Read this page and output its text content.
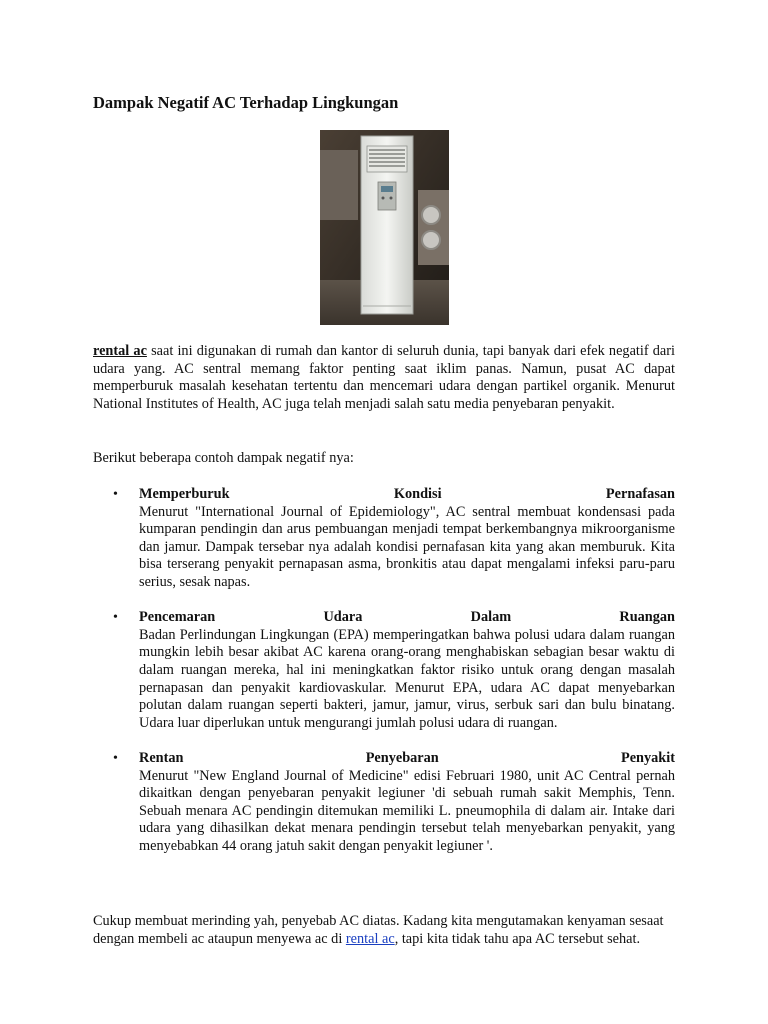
Dampak Negatif AC Terhadap Lingkungan

rental ac saat ini digunakan di rumah dan kantor di seluruh dunia, tapi banyak dari efek negatif dari udara yang. AC sentral memang faktor penting saat iklim panas. Namun, pusat AC dapat memperburuk masalah kesehatan tertentu dan mencemari udara dengan partikel organik. Menurut National Institutes of Health, AC juga telah menjadi salah satu media penyebaran penyakit.

Berikut beberapa contoh dampak negatif nya:

• Memperburuk	Kondisi	Pernafasan
Menurut "International Journal of Epidemiology", AC sentral membuat kondensasi pada kumparan pendingin dan arus pembuangan menjadi tempat berkembangnya mikroorganisme dan jamur. Dampak tersebar nya adalah kondisi pernafasan kita yang akan memburuk. Kita bisa terserang penyakit pernapasan asma, bronkitis atau dapat mengalami infeksi paru-paru serius, sesak napas.
• Pencemaran	Udara	Dalam	Ruangan
Badan Perlindungan Lingkungan (EPA) memperingatkan bahwa polusi udara dalam ruangan mungkin lebih besar akibat AC karena orang-orang menghabiskan sebagian besar waktu di dalam ruangan mereka, hal ini meningkatkan faktor risiko untuk orang dengan masalah pernapasan dan penyakit kardiovaskular. Menurut EPA, udara AC dapat menyebarkan polutan dalam ruangan seperti bakteri, jamur, jamur, virus, serbuk sari dan bulu binatang. Udara luar diperlukan untuk mengurangi jumlah polusi udara di ruangan.
• Rentan	Penyebaran	Penyakit
Menurut "New England Journal of Medicine" edisi Februari 1980, unit AC Central pernah dikaitkan dengan penyebaran penyakit legiuner 'di sebuah rumah sakit Memphis, Tenn. Sebuah menara AC pendingin ditemukan memiliki L. pneumophila di dalam air. Intake dari udara yang dihasilkan dekat menara pendingin tersebut telah menyebarkan penyakit, yang menyebabkan 44 orang jatuh sakit dengan penyakit legiuner '.

Cukup membuat merinding yah, penyebab AC diatas. Kadang kita mengutamakan kenyaman sesaat dengan membeli ac ataupun menyewa ac di rental ac, tapi kita tidak tahu apa AC tersebut sehat.
